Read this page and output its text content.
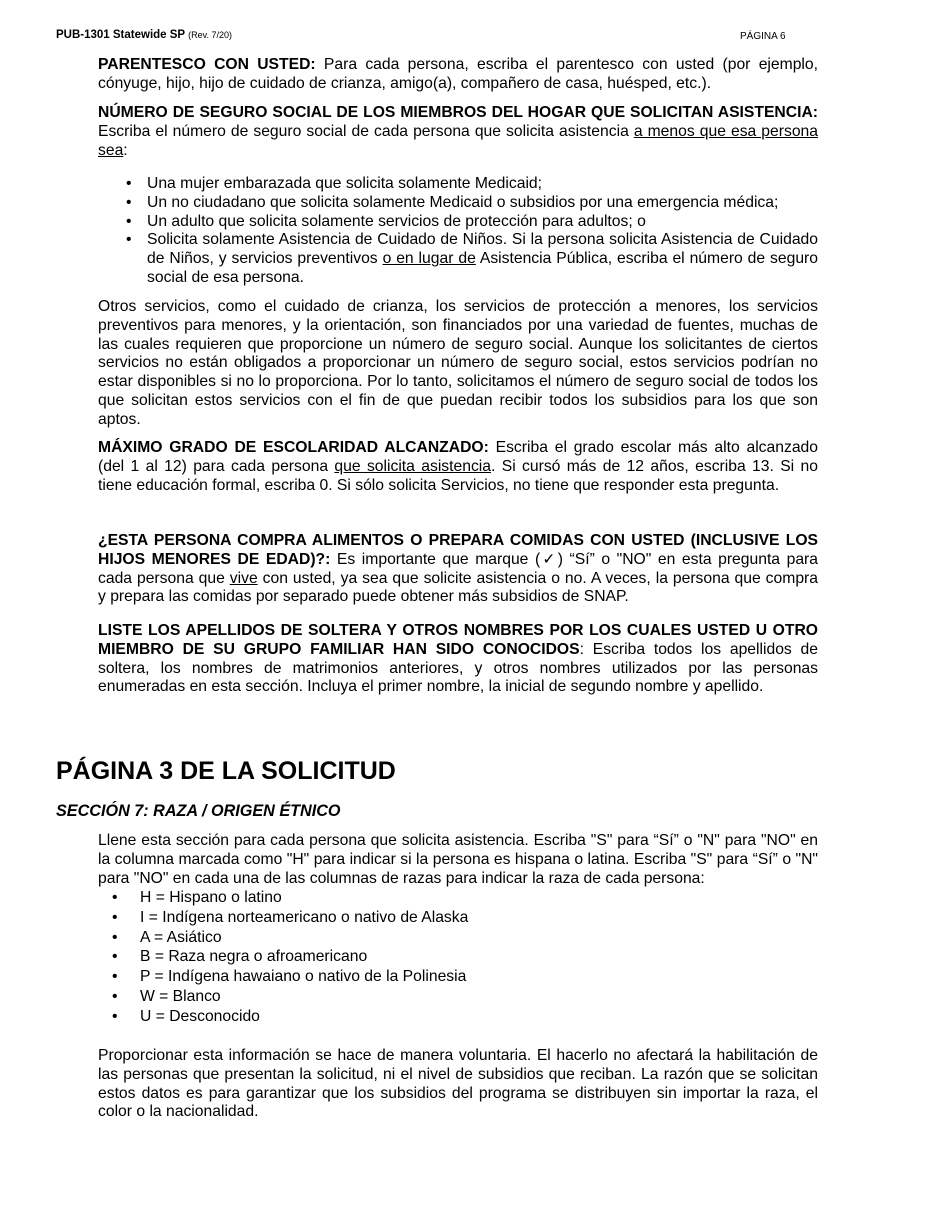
PUB-1301 Statewide SP (Rev. 7/20)	PÁGINA 6

PARENTESCO CON USTED: Para cada persona, escriba el parentesco con usted (por ejemplo, cónyuge, hijo, hijo de cuidado de crianza, amigo(a), compañero de casa, huésped, etc.).

NÚMERO DE SEGURO SOCIAL DE LOS MIEMBROS DEL HOGAR QUE SOLICITAN ASISTENCIA: Escriba el número de seguro social de cada persona que solicita asistencia a menos que esa persona sea:

• Una mujer embarazada que solicita solamente Medicaid;
• Un no ciudadano que solicita solamente Medicaid o subsidios por una emergencia médica;
• Un adulto que solicita solamente servicios de protección para adultos; o
• Solicita solamente Asistencia de Cuidado de Niños. Si la persona solicita Asistencia de Cuidado de Niños, y servicios preventivos o en lugar de Asistencia Pública, escriba el número de seguro social de esa persona.

Otros servicios, como el cuidado de crianza, los servicios de protección a menores, los servicios preventivos para menores, y la orientación, son financiados por una variedad de fuentes, muchas de las cuales requieren que proporcione un número de seguro social. Aunque los solicitantes de ciertos servicios no están obligados a proporcionar un número de seguro social, estos servicios podrían no estar disponibles si no lo proporciona. Por lo tanto, solicitamos el número de seguro social de todos los que solicitan estos servicios con el fin de que puedan recibir todos los subsidios para los que son aptos.

MÁXIMO GRADO DE ESCOLARIDAD ALCANZADO: Escriba el grado escolar más alto alcanzado (del 1 al 12) para cada persona que solicita asistencia. Si cursó más de 12 años, escriba 13. Si no tiene educación formal, escriba 0. Si sólo solicita Servicios, no tiene que responder esta pregunta.

¿ESTA PERSONA COMPRA ALIMENTOS O PREPARA COMIDAS CON USTED (INCLUSIVE LOS HIJOS MENORES DE EDAD)?: Es importante que marque (✓) “Sí” o "NO" en esta pregunta para cada persona que vive con usted, ya sea que solicite asistencia o no. A veces, la persona que compra y prepara las comidas por separado puede obtener más subsidios de SNAP.

LISTE LOS APELLIDOS DE SOLTERA Y OTROS NOMBRES POR LOS CUALES USTED U OTRO MIEMBRO DE SU GRUPO FAMILIAR HAN SIDO CONOCIDOS: Escriba todos los apellidos de soltera, los nombres de matrimonios anteriores, y otros nombres utilizados por las personas enumeradas en esta sección. Incluya el primer nombre, la inicial de segundo nombre y apellido.

PÁGINA 3 DE LA SOLICITUD
SECCIÓN 7: RAZA / ORIGEN ÉTNICO

Llene esta sección para cada persona que solicita asistencia. Escriba "S" para “Sí” o "N" para "NO" en la columna marcada como "H" para indicar si la persona es hispana o latina. Escriba "S" para “Sí” o "N" para "NO" en cada una de las columnas de razas para indicar la raza de cada persona:

• H = Hispano o latino
• I = Indígena norteamericano o nativo de Alaska
• A = Asiático
• B = Raza negra o afroamericano
• P = Indígena hawaiano o nativo de la Polinesia
• W = Blanco
• U = Desconocido

Proporcionar esta información se hace de manera voluntaria. El hacerlo no afectará la habilitación de las personas que presentan la solicitud, ni el nivel de subsidios que reciban. La razón que se solicitan estos datos es para garantizar que los subsidios del programa se distribuyen sin importar la raza, el color o la nacionalidad.
